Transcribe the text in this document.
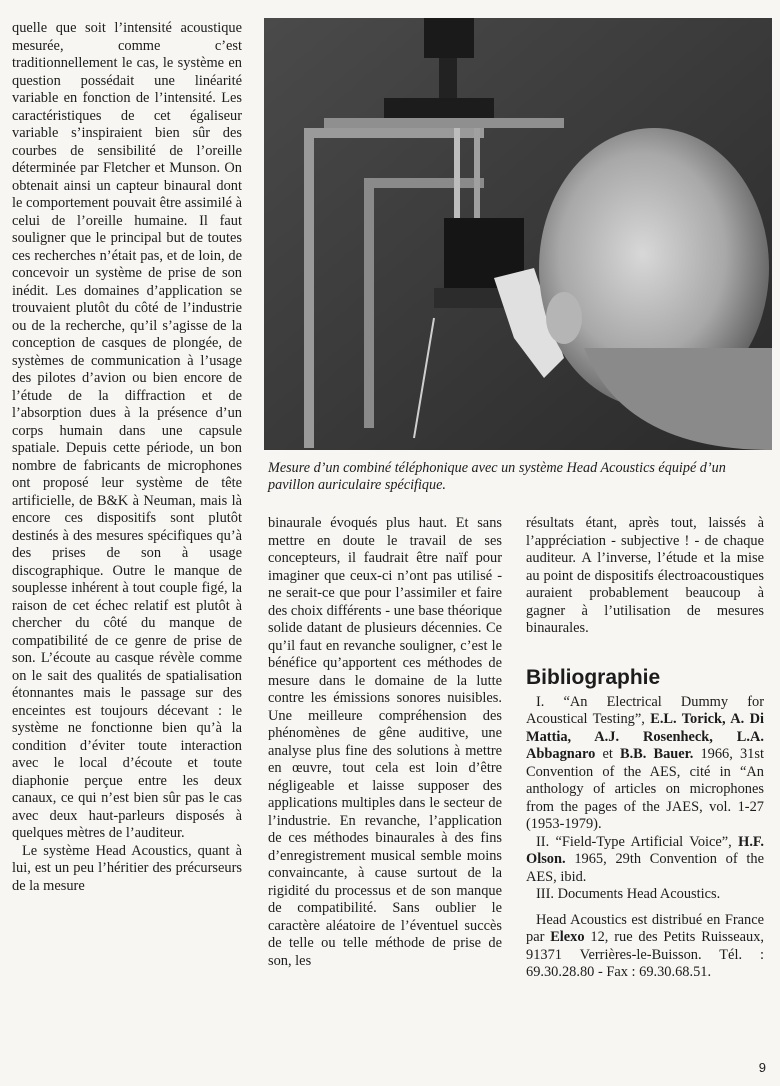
quelle que soit l’intensité acoustique mesurée, comme c’est traditionnellement le cas, le système en question possédait une linéarité variable en fonction de l’intensité. Les caractéristiques de cet égaliseur variable s’inspiraient bien sûr des courbes de sensibilité de l’oreille déterminée par Fletcher et Munson. On obtenait ainsi un capteur binaural dont le comportement pouvait être assimilé à celui de l’oreille humaine. Il faut souligner que le principal but de toutes ces recherches n’était pas, et de loin, de concevoir un système de prise de son inédit. Les domaines d’application se trouvaient plutôt du côté de l’industrie ou de la recherche, qu’il s’agisse de la conception de casques de plongée, de systèmes de communication à l’usage des pilotes d’avion ou bien encore de l’étude de la diffraction et de l’absorption dues à la présence d’un corps humain dans une capsule spatiale. Depuis cette période, un bon nombre de fabricants de microphones ont proposé leur système de tête artificielle, de B&K à Neuman, mais là encore ces dispositifs sont plutôt destinés à des mesures spécifiques qu’à des prises de son à usage discographique. Outre le manque de souplesse inhérent à tout couple figé, la raison de cet échec relatif est plutôt à chercher du côté du manque de compatibilité de ce genre de prise de son. L’écoute au casque révèle comme on le sait des qualités de spatialisation étonnantes mais le passage sur des enceintes est toujours décevant : le système ne fonctionne bien qu’à la condition d’éviter toute interaction avec le local d’écoute et toute diaphonie perçue entre les deux canaux, ce qui n’est bien sûr pas le cas avec deux haut-parleurs disposés à quelques mètres de l’auditeur.

Le système Head Acoustics, quant à lui, est un peu l’héritier des précurseurs de la mesure

Mesure d’un combiné téléphonique avec un système Head Acoustics équipé d’un pavillon auriculaire spécifique.

binaurale évoqués plus haut. Et sans mettre en doute le travail de ses concepteurs, il faudrait être naïf pour imaginer que ceux-ci n’ont pas utilisé - ne serait-ce que pour l’assimiler et faire des choix différents - une base théorique solide datant de plusieurs décennies. Ce qu’il faut en revanche souligner, c’est le bénéfice qu’apportent ces méthodes de mesure dans le domaine de la lutte contre les émissions sonores nuisibles. Une meilleure compréhension des phénomènes de gêne auditive, une analyse plus fine des solutions à mettre en œuvre, tout cela est loin d’être négligeable et laisse supposer des applications multiples dans le secteur de l’industrie. En revanche, l’application de ces méthodes binaurales à des fins d’enregistrement musical semble moins convaincante, à cause surtout de la rigidité du processus et de son manque de compatibilité. Sans oublier le caractère aléatoire de l’éventuel succès de telle ou telle méthode de prise de son, les

résultats étant, après tout, laissés à l’appréciation - subjective ! - de chaque auditeur. A l’inverse, l’étude et la mise au point de dispositifs électroacoustiques auraient probablement beaucoup à gagner à l’utilisation de mesures binaurales.

Bibliographie

I. “An Electrical Dummy for Acoustical Testing”, E.L. Torick, A. Di Mattia, A.J. Rosenheck, L.A. Abbagnaro et B.B. Bauer. 1966, 31st Convention of the AES, cité in “An anthology of articles on microphones from the pages of the JAES, vol. 1-27 (1953-1979).

II. “Field-Type Artificial Voice”, H.F. Olson. 1965, 29th Convention of the AES, ibid.

III. Documents Head Acoustics.

Head Acoustics est distribué en France par Elexo 12, rue des Petits Ruisseaux, 91371 Verrières-le-Buisson. Tél. : 69.30.28.80 - Fax : 69.30.68.51.

9
